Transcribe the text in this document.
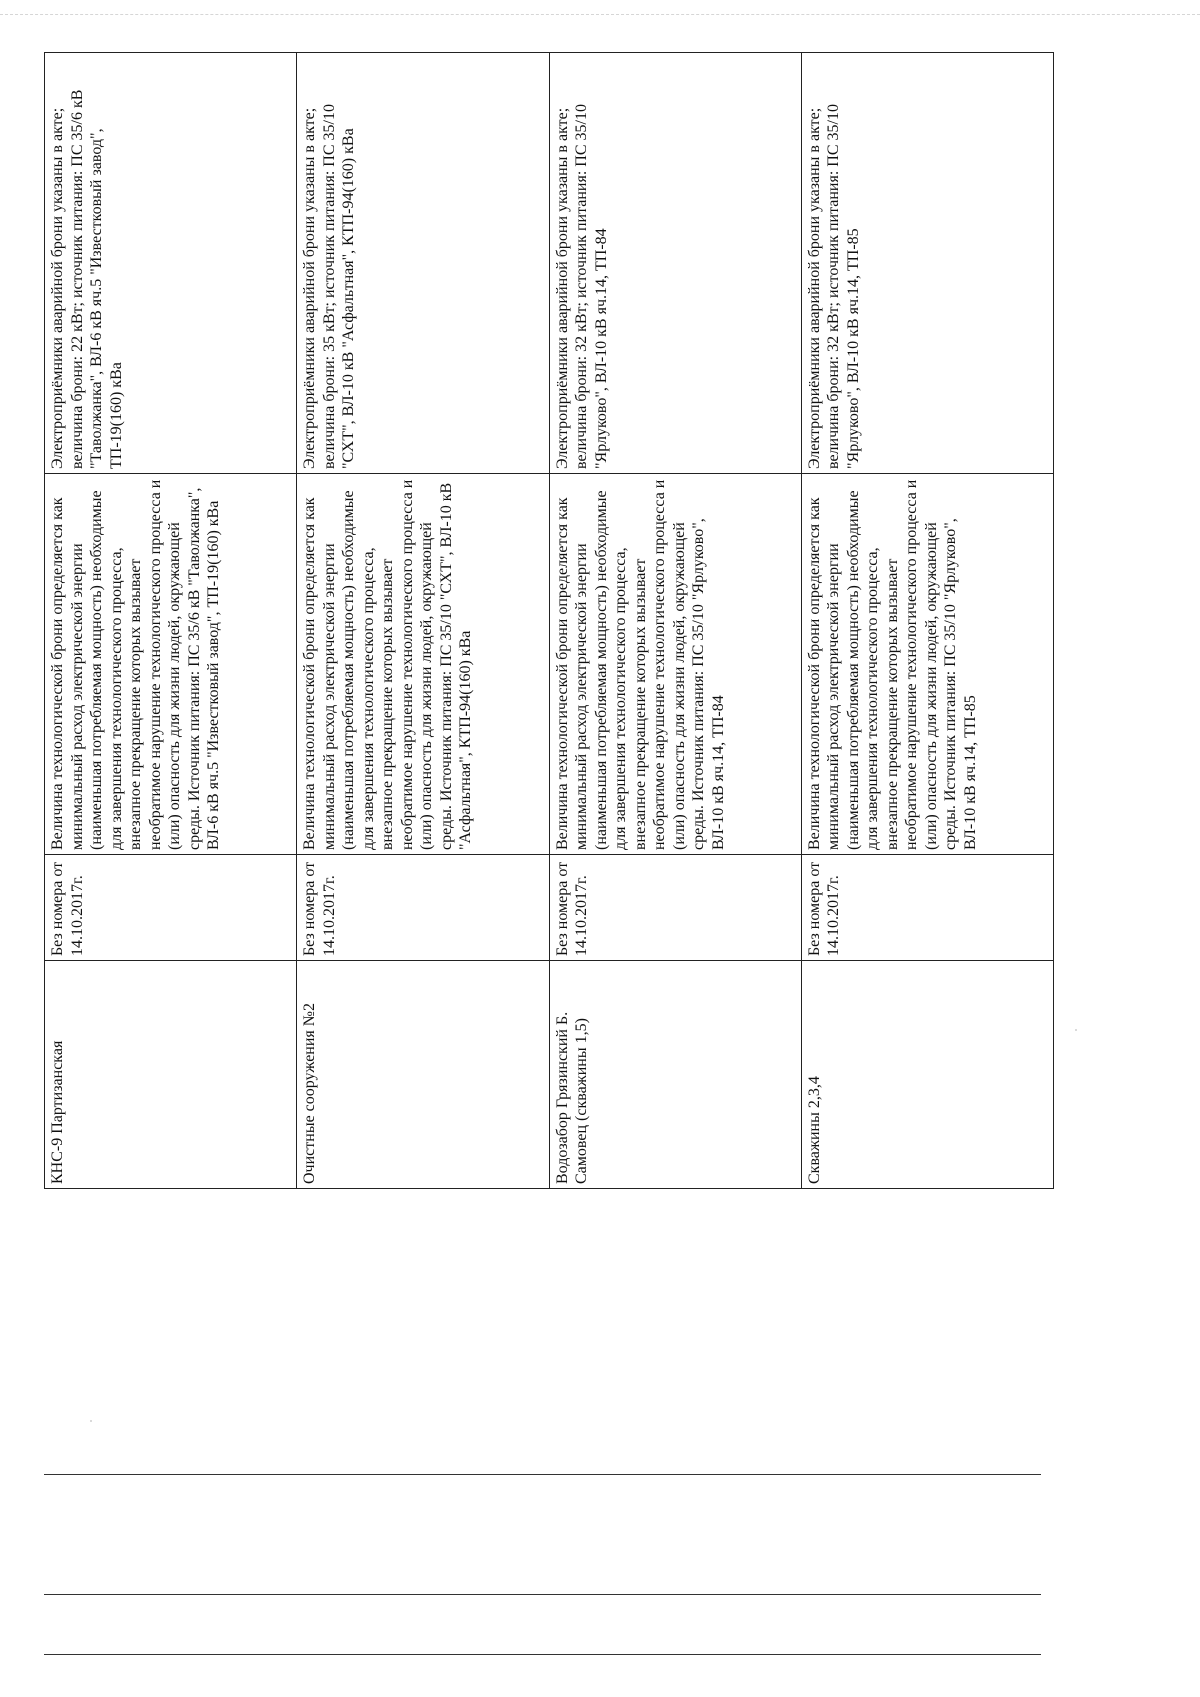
КНС-9 Партизанская	Без номера от 14.10.2017г.	Величина технологической брони определяется как минимальный расход электрической энергии (наименьшая потребляемая мощность) необходимые для завершения технологического процесса, внезапное прекращение которых вызывает необратимое нарушение технологического процесса и (или) опасность для жизни людей, окружающей среды. Источник питания: ПС 35/6 кВ "Таволжанка", ВЛ-6 кВ яч.5 "Известковый завод", ТП-19(160) кВа	Электроприёмники аварийной брони указаны в акте; величина брони: 22 кВт; источник питания: ПС 35/6 кВ "Таволжанка", ВЛ-6 кВ яч.5 "Известковый завод", ТП-19(160) кВа
Очистные сооружения №2	Без номера от 14.10.2017г.	Величина технологической брони определяется как минимальный расход электрической энергии (наименьшая потребляемая мощность) необходимые для завершения технологического процесса, внезапное прекращение которых вызывает необратимое нарушение технологического процесса и (или) опасность для жизни людей, окружающей среды. Источник питания: ПС 35/10 "СХТ", ВЛ-10 кВ "Асфальтная", КТП-94(160) кВа	Электроприёмники аварийной брони указаны в акте; величина брони: 35 кВт; источник питания: ПС 35/10 "СХТ", ВЛ-10 кВ "Асфальтная", КТП-94(160) кВа
Водозабор Грязинский Б. Самовец (скважины 1,5)	Без номера от 14.10.2017г.	Величина технологической брони определяется как минимальный расход электрической энергии (наименьшая потребляемая мощность) необходимые для завершения технологического процесса, внезапное прекращение которых вызывает необратимое нарушение технологического процесса и (или) опасность для жизни людей, окружающей среды. Источник питания: ПС 35/10 "Ярлуково", ВЛ-10 кВ яч.14, ТП-84	Электроприёмники аварийной брони указаны в акте; величина брони: 32 кВт; источник питания: ПС 35/10 "Ярлуково", ВЛ-10 кВ яч.14, ТП-84
Скважины 2,3,4	Без номера от 14.10.2017г.	Величина технологической брони определяется как минимальный расход электрической энергии (наименьшая потребляемая мощность) необходимые для завершения технологического процесса, внезапное прекращение которых вызывает необратимое нарушение технологического процесса и (или) опасность для жизни людей, окружающей среды. Источник питания: ПС 35/10 "Ярлуково", ВЛ-10 кВ яч.14, ТП-85	Электроприёмники аварийной брони указаны в акте; величина брони: 32 кВт; источник питания: ПС 35/10 "Ярлуково", ВЛ-10 кВ яч.14, ТП-85
